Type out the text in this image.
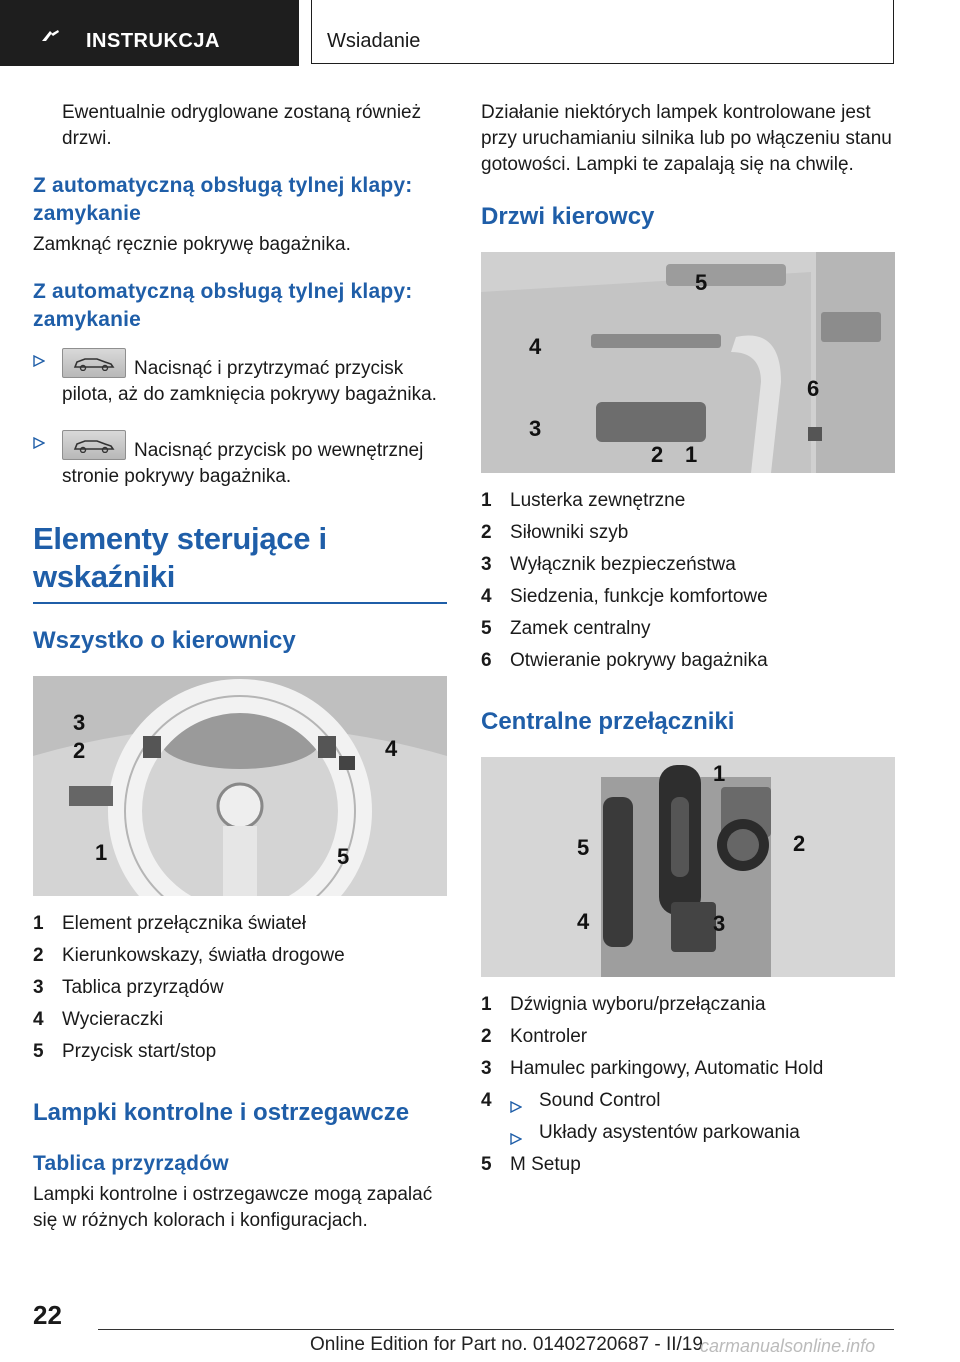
INSTRUKCJA	Wsiadanie

Ewentualnie odryglowane zostaną również drzwi.

Z automatyczną obsługą tylnej klapy: zamykanie

Zamknąć ręcznie pokrywę bagażnika.

Z automatyczną obsługą tylnej klapy: zamykanie
Nacisnąć i przytrzymać przycisk pilota, aż do zamknięcia pokrywy bagażnika.
Nacisnąć przycisk po wewnętrznej stronie pokrywy bagażnika.
Elementy sterujące i wskaźniki
Wszystko o kierownicy
3
2	4
1	5
1 Element przełącznika świateł
2 Kierunkowskazy, światła drogowe
3 Tablica przyrządów
4 Wycieraczki
5 Przycisk start/stop
Lampki kontrolne i ostrzegawcze
Tablica przyrządów

Lampki kontrolne i ostrzegawcze mogą zapalać się w różnych kolorach i konfiguracjach.

Działanie niektórych lampek kontrolowane jest przy uruchamianiu silnika lub po włączeniu stanu gotowości. Lampki te zapalają się na chwilę.

Drzwi kierowcy
5
4
6
3
2 1
1 Lusterka zewnętrzne
2 Siłowniki szyb
3 Wyłącznik bezpieczeństwa
4 Siedzenia, funkcje komfortowe
5 Zamek centralny
6 Otwieranie pokrywy bagażnika
Centralne przełączniki
1
2
5
4	3
1 Dźwignia wyboru/przełączania
2 Kontroler
3 Hamulec parkingowy, Automatic Hold
4 Sound Control
Układy asystentów parkowania
5 M Setup
22
Online Edition for Part no. 01402720687 - II/19
carmanualsonline.info
